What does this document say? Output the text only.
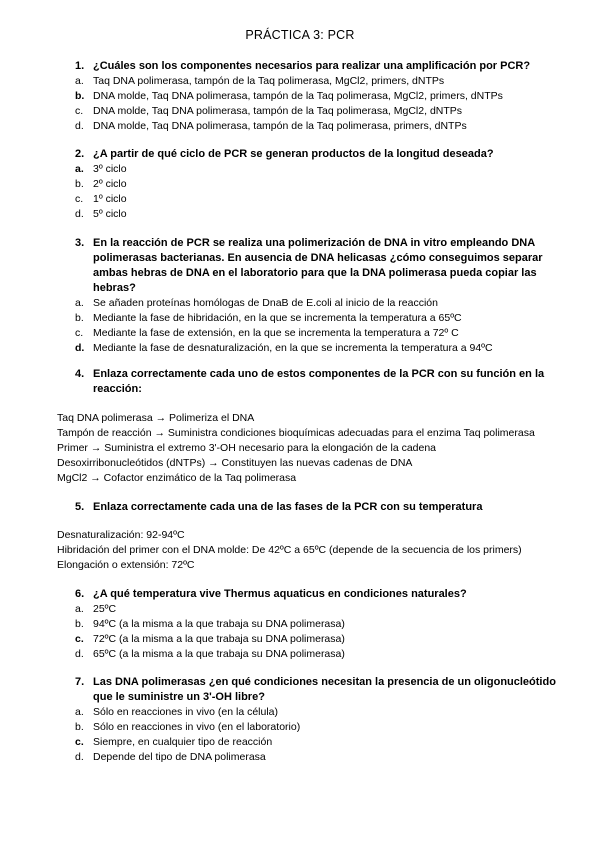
PRÁCTICA 3: PCR
1. ¿Cuáles son los componentes necesarios para realizar una amplificación por PCR?
a. Taq DNA polimerasa, tampón de la Taq polimerasa, MgCl2, primers, dNTPs
b. DNA molde, Taq DNA polimerasa, tampón de la Taq polimerasa, MgCl2, primers, dNTPs
c. DNA molde, Taq DNA polimerasa, tampón de la Taq polimerasa, MgCl2, dNTPs
d. DNA molde, Taq DNA polimerasa, tampón de la Taq polimerasa, primers, dNTPs
2. ¿A partir de qué ciclo de PCR se generan productos de la longitud deseada?
a. 3º ciclo
b. 2º ciclo
c. 1º ciclo
d. 5º ciclo
3. En la reacción de PCR se realiza una polimerización de DNA in vitro empleando DNA polimerasas bacterianas. En ausencia de DNA helicasas ¿cómo conseguimos separar ambas hebras de DNA en el laboratorio para que la DNA polimerasa pueda copiar las hebras?
a. Se añaden proteínas homólogas de DnaB de E.coli al inicio de la reacción
b. Mediante la fase de hibridación, en la que se incrementa la temperatura a 65ºC
c. Mediante la fase de extensión, en la que se incrementa la temperatura a 72º C
d. Mediante la fase de desnaturalización, en la que se incrementa la temperatura a 94ºC
4. Enlaza correctamente cada uno de estos componentes de la PCR con su función en la reacción:
Taq DNA polimerasa → Polimeriza el DNA
Tampón de reacción → Suministra condiciones bioquímicas adecuadas para el enzima Taq polimerasa
Primer → Suministra el extremo 3'-OH necesario para la elongación de la cadena
Desoxirribonucleótidos (dNTPs) → Constituyen las nuevas cadenas de DNA
MgCl2 → Cofactor enzimático de la Taq polimerasa
5. Enlaza correctamente cada una de las fases de la PCR con su temperatura
Desnaturalización: 92-94ºC
Hibridación del primer con el DNA molde: De 42ºC a 65ºC (depende de la secuencia de los primers)
Elongación o extensión: 72ºC
6. ¿A qué temperatura vive Thermus aquaticus en condiciones naturales?
a. 25ºC
b. 94ºC (a la misma a la que trabaja su DNA polimerasa)
c. 72ºC (a la misma a la que trabaja su DNA polimerasa)
d. 65ºC (a la misma a la que trabaja su DNA polimerasa)
7. Las DNA polimerasas ¿en qué condiciones necesitan la presencia de un oligonucleótido que le suministre un 3'-OH libre?
a. Sólo en reacciones in vivo (en la célula)
b. Sólo en reacciones in vivo (en el laboratorio)
c. Siempre, en cualquier tipo de reacción
d. Depende del tipo de DNA polimerasa
